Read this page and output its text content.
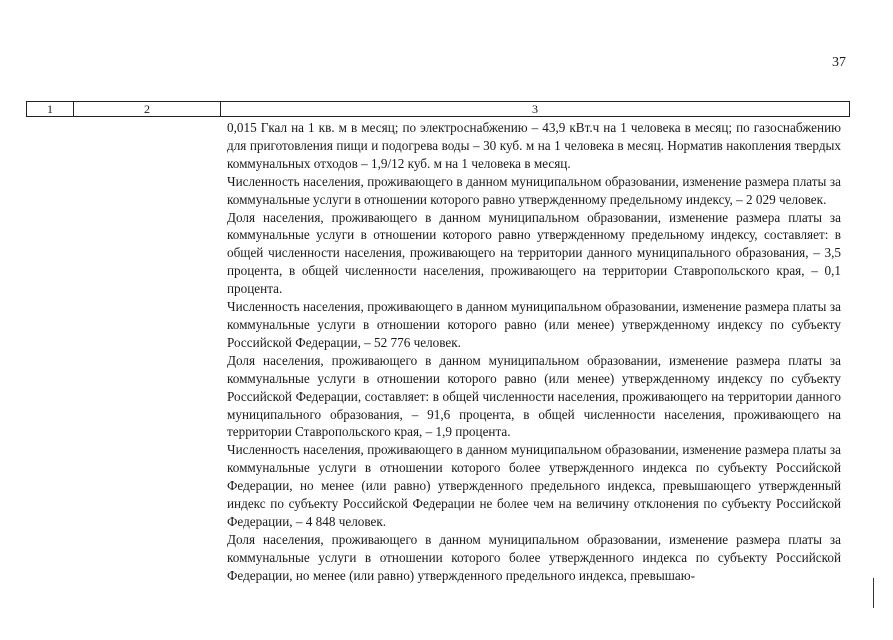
37
1	2	3

0,015 Гкал на 1 кв. м в месяц; по электроснабжению – 43,9 кВт.ч на 1 человека в месяц; по газоснабжению для приготовления пищи и подогрева воды – 30 куб. м на 1 человека в месяц. Норматив накопления твердых коммунальных отходов – 1,9/12 куб. м на 1 человека в месяц.

Численность населения, проживающего в данном муниципальном образовании, изменение размера платы за коммунальные услуги в отношении которого равно утвержденному предельному индексу, – 2 029 человек.

Доля населения, проживающего в данном муниципальном образовании, изменение размера платы за коммунальные услуги в отношении которого равно утвержденному предельному индексу, составляет: в общей численности населения, проживающего на территории данного муниципального образования, – 3,5 процента, в общей численности населения, проживающего на территории Ставропольского края, – 0,1 процента.

Численность населения, проживающего в данном муниципальном образовании, изменение размера платы за коммунальные услуги в отношении которого равно (или менее) утвержденному индексу по субъекту Российской Федерации, – 52 776 человек.

Доля населения, проживающего в данном муниципальном образовании, изменение размера платы за коммунальные услуги в отношении которого равно (или менее) утвержденному индексу по субъекту Российской Федерации, составляет: в общей численности населения, проживающего на территории данного муниципального образования, – 91,6 процента, в общей численности населения, проживающего на территории Ставропольского края, – 1,9 процента.

Численность населения, проживающего в данном муниципальном образовании, изменение размера платы за коммунальные услуги в отношении которого более утвержденного индекса по субъекту Российской Федерации, но менее (или равно) утвержденного предельного индекса, превышающего утвержденный индекс по субъекту Российской Федерации не более чем на величину отклонения по субъекту Российской Федерации, – 4 848 человек.

Доля населения, проживающего в данном муниципальном образовании, изменение размера платы за коммунальные услуги в отношении которого более утвержденного индекса по субъекту Российской Федерации, но менее (или равно) утвержденного предельного индекса, превышаю-
